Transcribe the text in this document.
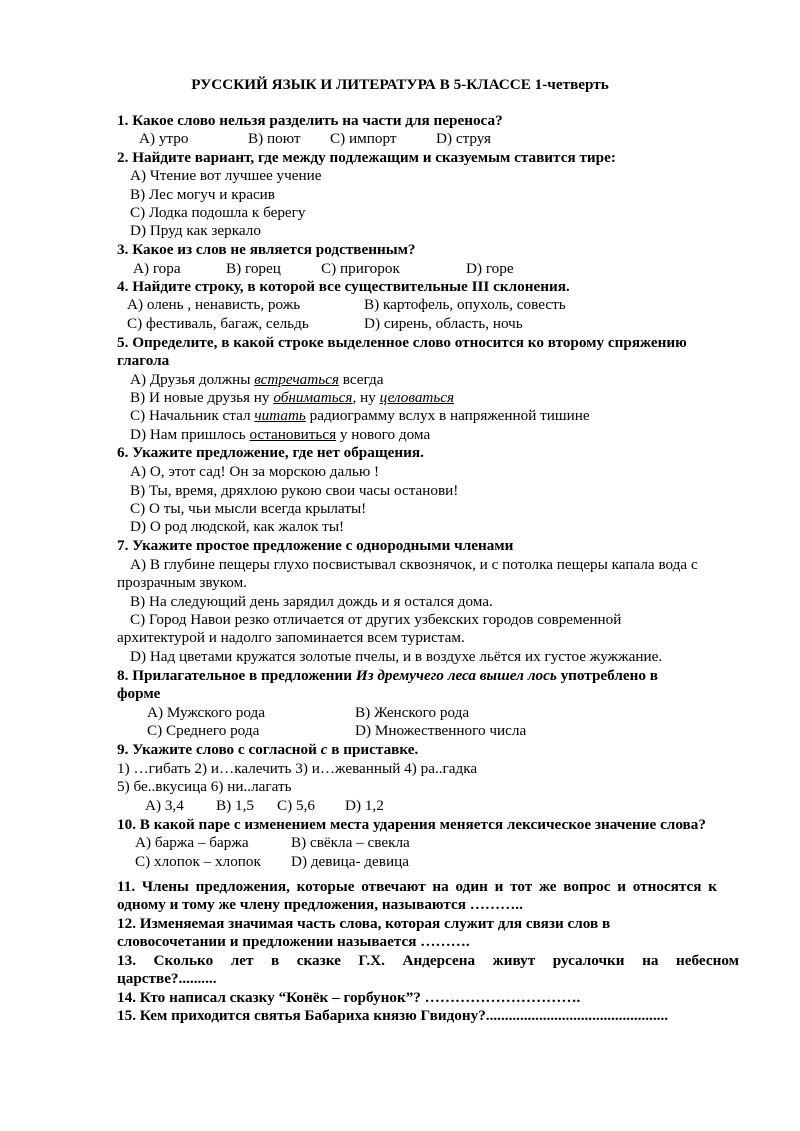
РУССКИЙ ЯЗЫК И ЛИТЕРАТУРА В 5-КЛАССЕ 1-четверть
1. Какое слово нельзя разделить на части для переноса?
A) утро	B) поют C) импорт	D) струя
2. Найдите вариант, где между подлежащим и сказуемым ставится тире:
A) Чтение вот лучшее учение
B) Лес могуч и красив
C) Лодка подошла к берегу
D) Пруд как зеркало
3. Какое из слов не является родственным?
A) гора	B) горец	C) пригорок	D) горе
4. Найдите строку, в которой все существительные III склонения.
A) олень , ненависть, рожь	B) картофель, опухоль, совесть
C) фестиваль, багаж, сельдь	D) сирень, область, ночь
5. Определите, в какой строке выделенное слово относится ко второму спряжению
глагола
A) Друзья должны встречаться всегда
B) И новые друзья ну обниматься, ну целоваться
C) Начальник стал читать радиограмму вслух в напряженной тишине
D) Нам пришлось остановиться у нового дома
6. Укажите предложение, где нет обращения.
A) О, этот сад! Он за морскою далью !
B) Ты, время, дряхлою рукою свои часы останови!
C) О ты, чьи мысли всегда крылаты!
D) О род людской, как жалок ты!
7. Укажите простое предложение с однородными членами
A) В глубине пещеры глухо посвистывал сквознячок, и с потолка пещеры капала вода с
прозрачным звуком.
B) На следующий день зарядил дождь и я остался дома.
C) Город Навои резко отличается от других узбекских городов современной
архитектурой и надолго запоминается всем туристам.
D) Над цветами кружатся золотые пчелы, и в воздухе льётся их густое жужжание.
8. Прилагательное в предложении Из дремучего леса вышел лось употреблено в
форме
A) Мужского рода	B) Женского рода
C) Среднего рода	D) Множественного числа
9. Укажите слово с согласной с в приставке.
1) …гибать 2) и…калечить 3) и…жеванный 4) ра..гадка
5) бе..вкусица 6) ни..лагать
A) 3,4 B) 1,5 C) 5,6 D) 1,2
10. В какой паре с изменением места ударения меняется лексическое значение слова?
A) баржа – баржа	B) свёкла – свекла
C) хлопок – хлопок D) девица- девица
11. Члены предложения, которые отвечают на один и тот же вопрос и относятся к
одному и тому же члену предложения, называются ………..
12. Изменяемая значимая часть слова, которая служит для связи слов в
словосочетании и предложении называется ……….
13. Сколько лет в сказке Г.Х. Андерсена живут русалочки на небесном
царстве?..........
14. Кто написал сказку “Конёк – горбунок”? ………………………….
15. Кем приходится святья Бабариха князю Гвидону?................................................
